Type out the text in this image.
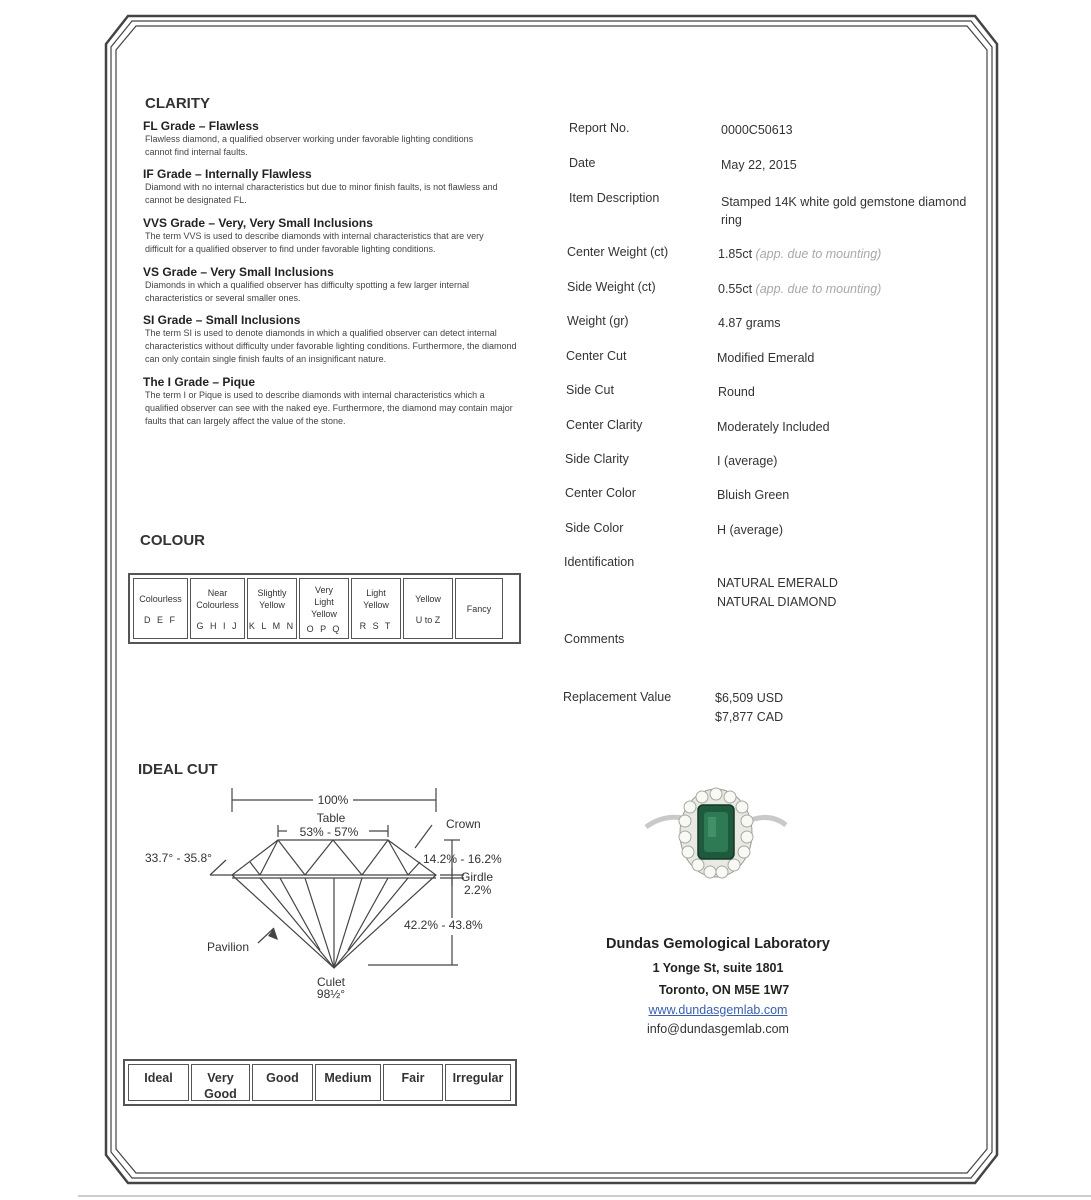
CLARITY

FL Grade – Flawless

Flawless diamond, a qualified observer working under favorable lighting conditions cannot find internal faults.

IF Grade – Internally Flawless

Diamond with no internal characteristics but due to minor finish faults, is not flawless and cannot be designated FL.

VVS Grade – Very, Very Small Inclusions

The term VVS is used to describe diamonds with internal characteristics that are very difficult for a qualified observer to find under favorable lighting conditions.

VS Grade – Very Small Inclusions

Diamonds in which a qualified observer has difficulty spotting a few larger internal characteristics or several smaller ones.

SI Grade – Small Inclusions

The term SI is used to denote diamonds in which a qualified observer can detect internal characteristics without difficulty under favorable lighting conditions. Furthermore, the diamond can only contain single finish faults of an insignificant nature.

The I Grade – Pique

The term I or Pique is used to describe diamonds with internal characteristics which a qualified observer can see with the naked eye. Furthermore, the diamond may contain major faults that can largely affect the value of the stone.

COLOUR
Colourless
D E F
Near Colourless
G H I J
Slightly Yellow
K L M N
Very Light Yellow
O P Q
Light Yellow
R S T
Yellow
U to Z
Fancy
IDEAL CUT
100%
Table
53% - 57%
Crown
33.7° - 35.8°	14.2% - 16.2%
Girdle
2.2%
42.2% - 43.8%
Pavilion
Culet
98½°
Ideal	Very Good
Good	Medium	Fair	Irregular
Report No.	0000C50613
Date	May 22, 2015
Item Description	Stamped 14K white gold gemstone diamond ring
Center Weight (ct)	1.85ct (app. due to mounting)
Side Weight (ct)	0.55ct (app. due to mounting)
Weight (gr)	4.87 grams
Center Cut	Modified Emerald
Side Cut	Round
Center Clarity	Moderately Included
Side Clarity	I (average)
Center Color	Bluish Green
Side Color	H (average)
Identification
NATURAL EMERALD
NATURAL DIAMOND
Comments
Replacement Value	$6,509 USD
$7,877 CAD
Dundas Gemological Laboratory
1 Yonge St, suite 1801
Toronto, ON M5E 1W7
www.dundasgemlab.com
info@dundasgemlab.com
